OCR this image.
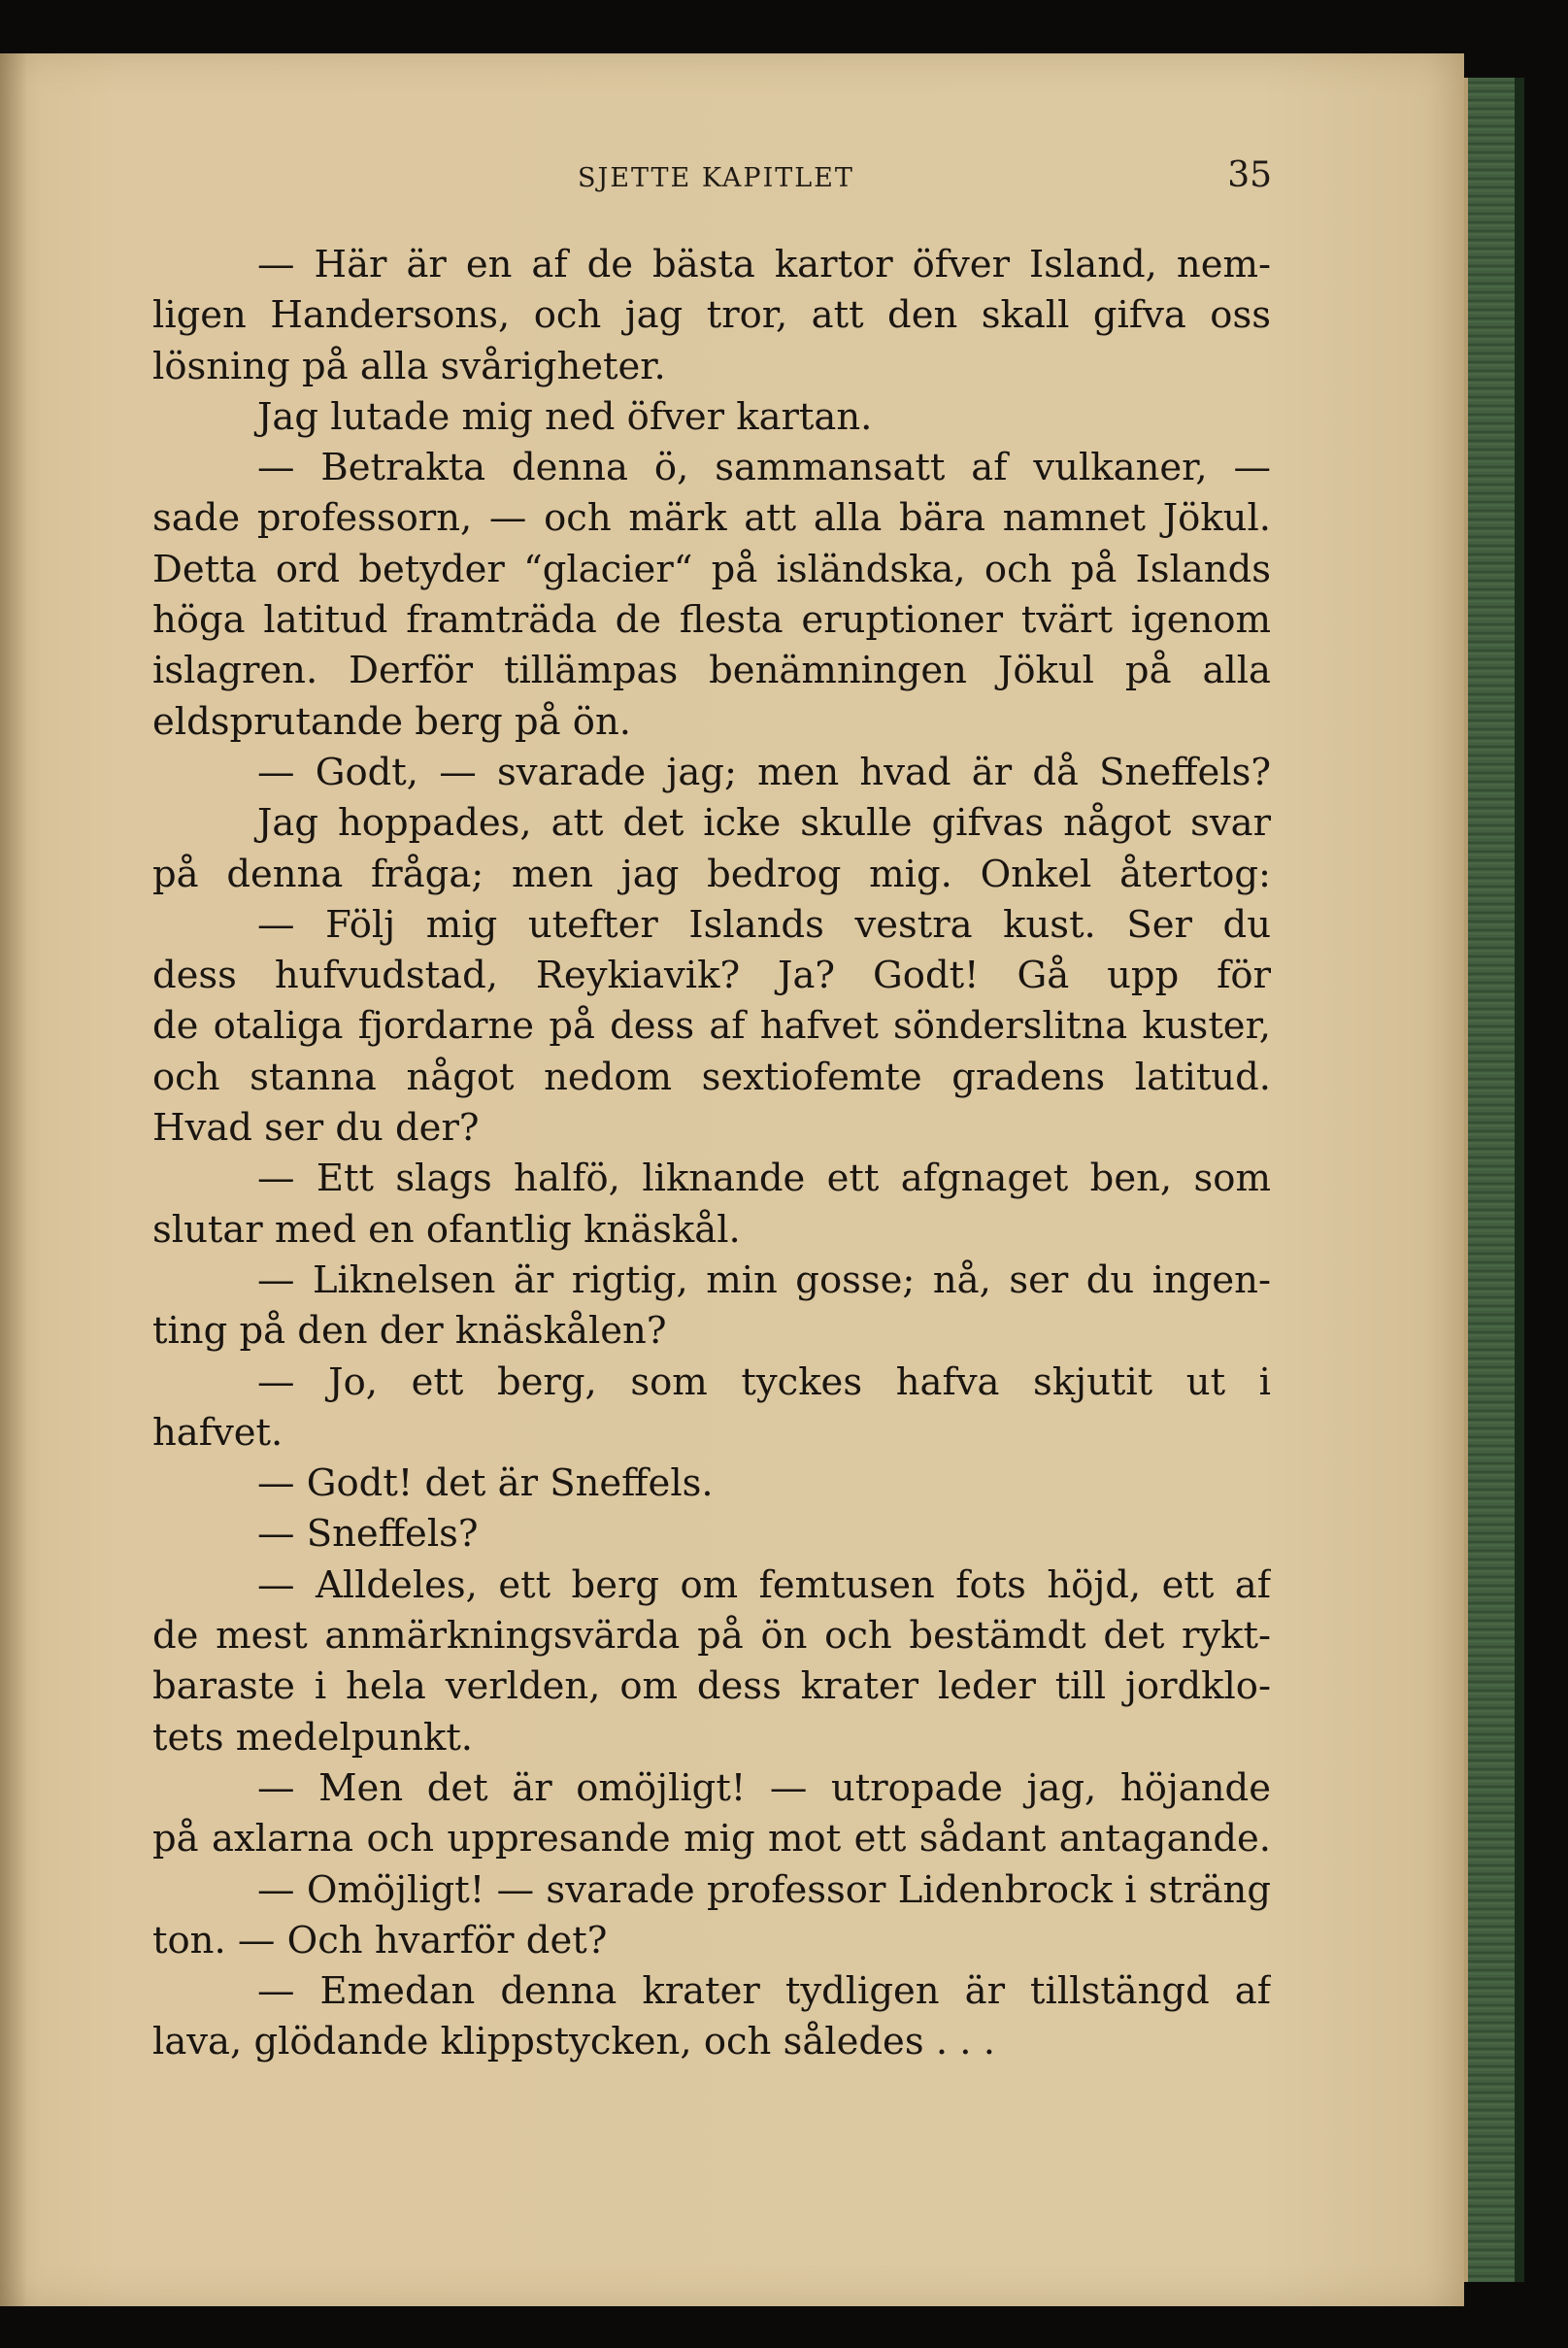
SJETTE KAPITLET	35
— Här är en af de bästa kartor öfver Island, nem-
ligen Handersons, och jag tror, att den skall gifva oss
lösning på alla svårigheter.
Jag lutade mig ned öfver kartan.
— Betrakta denna ö, sammansatt af vulkaner, —
sade professorn, — och märk att alla bära namnet Jökul.
Detta ord betyder “glacier“ på isländska, och på Islands
höga latitud framträda de flesta eruptioner tvärt igenom
islagren. Derför tillämpas benämningen Jökul på alla
eldsprutande berg på ön.
— Godt, — svarade jag; men hvad är då Sneffels?
Jag hoppades, att det icke skulle gifvas något svar
på denna fråga; men jag bedrog mig. Onkel återtog:
— Följ mig utefter Islands vestra kust. Ser du
dess hufvudstad, Reykiavik? Ja? Godt! Gå upp för
de otaliga fjordarne på dess af hafvet sönderslitna kuster,
och stanna något nedom sextiofemte gradens latitud.
Hvad ser du der?
— Ett slags halfö, liknande ett afgnaget ben, som
slutar med en ofantlig knäskål.
— Liknelsen är rigtig, min gosse; nå, ser du ingen-
ting på den der knäskålen?
— Jo, ett berg, som tyckes hafva skjutit ut i
hafvet.
— Godt! det är Sneffels.
— Sneffels?
— Alldeles, ett berg om femtusen fots höjd, ett af
de mest anmärkningsvärda på ön och bestämdt det rykt-
baraste i hela verlden, om dess krater leder till jordklo-
tets medelpunkt.
— Men det är omöjligt! — utropade jag, höjande
på axlarna och uppresande mig mot ett sådant antagande.
— Omöjligt! — svarade professor Lidenbrock i sträng
ton. — Och hvarför det?
— Emedan denna krater tydligen är tillstängd af
lava, glödande klippstycken, och således . . .
